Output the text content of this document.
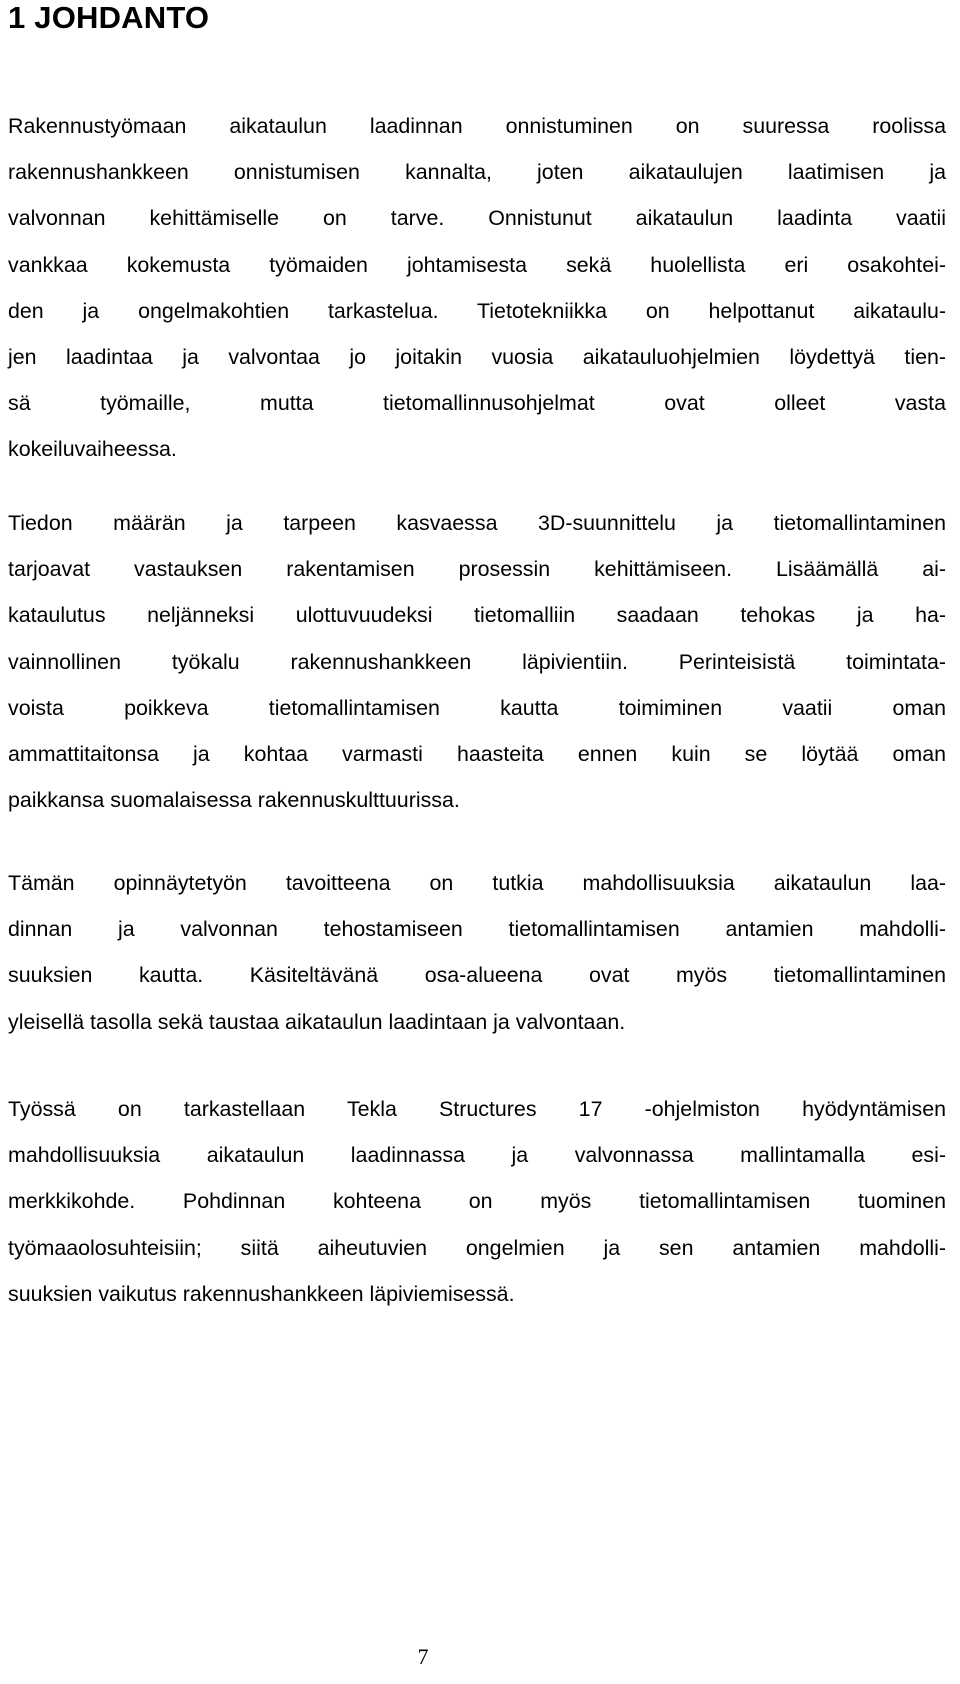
1 JOHDANTO
Rakennustyömaan aikataulun laadinnan onnistuminen on suuressa roolissa
rakennushankkeen onnistumisen kannalta, joten aikataulujen laatimisen ja
valvonnan kehittämiselle on tarve. Onnistunut aikataulun laadinta vaatii
vankkaa kokemusta työmaiden johtamisesta sekä huolellista eri osakohtei-
den ja ongelmakohtien tarkastelua. Tietotekniikka on helpottanut aikataulu-
jen laadintaa ja valvontaa jo joitakin vuosia aikatauluohjelmien löydettyä tien-
sä työmaille, mutta tietomallinnusohjelmat ovat olleet vasta
kokeiluvaiheessa.
Tiedon määrän ja tarpeen kasvaessa 3D-suunnittelu ja tietomallintaminen
tarjoavat vastauksen rakentamisen prosessin kehittämiseen. Lisäämällä ai-
kataulutus neljänneksi ulottuvuudeksi tietomalliin saadaan tehokas ja ha-
vainnollinen työkalu rakennushankkeen läpivientiin. Perinteisistä toimintata-
voista poikkeva tietomallintamisen kautta toimiminen vaatii oman
ammattitaitonsa ja kohtaa varmasti haasteita ennen kuin se löytää oman
paikkansa suomalaisessa rakennuskulttuurissa.
Tämän opinnäytetyön tavoitteena on tutkia mahdollisuuksia aikataulun laa-
dinnan ja valvonnan tehostamiseen tietomallintamisen antamien mahdolli-
suuksien kautta. Käsiteltävänä osa-alueena ovat myös tietomallintaminen
yleisellä tasolla sekä taustaa aikataulun laadintaan ja valvontaan.
Työssä on tarkastellaan Tekla Structures 17 -ohjelmiston hyödyntämisen
mahdollisuuksia aikataulun laadinnassa ja valvonnassa mallintamalla esi-
merkkikohde. Pohdinnan kohteena on myös tietomallintamisen tuominen
työmaaolosuhteisiin; siitä aiheutuvien ongelmien ja sen antamien mahdolli-
suuksien vaikutus rakennushankkeen läpiviemisessä.
7
